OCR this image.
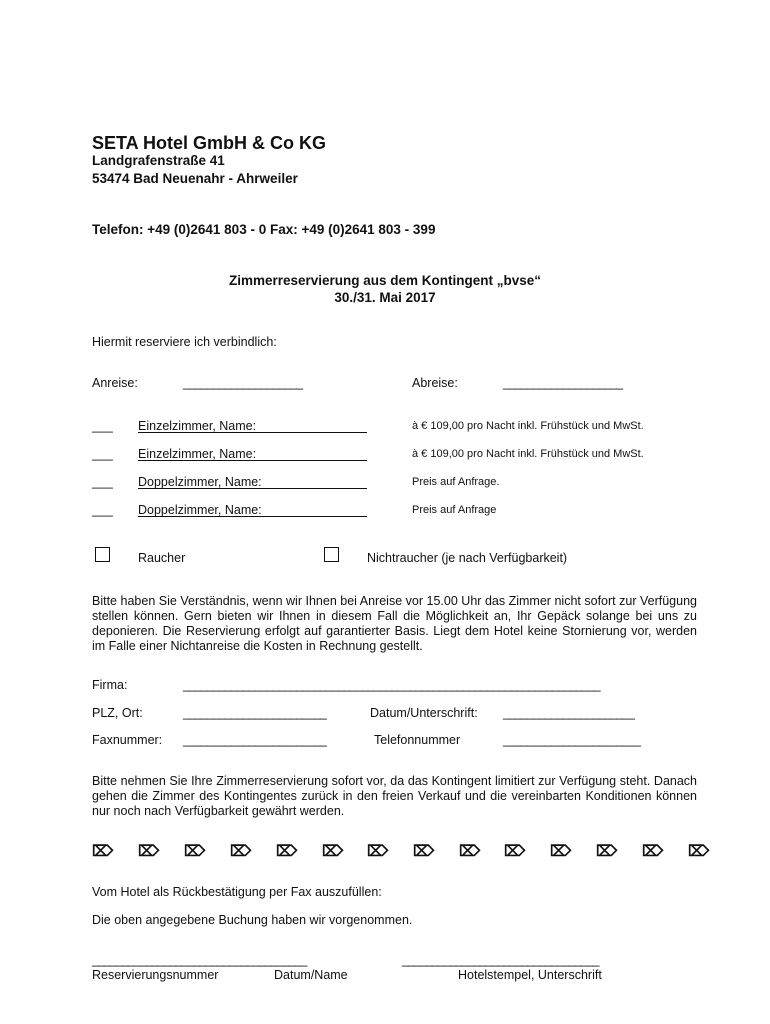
SETA Hotel GmbH & Co KG
Landgrafenstraße 41
53474 Bad Neuenahr - Ahrweiler
Telefon: +49 (0)2641 803 - 0 Fax: +49 (0)2641 803 - 399
Zimmerreservierung aus dem Kontingent „bvse“
30./31. Mai 2017
Hiermit reserviere ich verbindlich:
Anreise:	____________________	Abreise:	____________________
___ Einzelzimmer, Name:	à € 109,00 pro Nacht inkl. Frühstück und MwSt.
___ Einzelzimmer, Name:	à € 109,00 pro Nacht inkl. Frühstück und MwSt.
___ Doppelzimmer, Name:	Preis auf Anfrage.
___ Doppelzimmer, Name:	Preis auf Anfrage
Raucher	Nichtraucher (je nach Verfügbarkeit)
Bitte haben Sie Verständnis, wenn wir Ihnen bei Anreise vor 15.00 Uhr das Zimmer nicht sofort zur Verfügung stellen können. Gern bieten wir Ihnen in diesem Fall die Möglichkeit an, Ihr Gepäck solange bei uns zu deponieren. Die Reservierung erfolgt auf garantierter Basis. Liegt dem Hotel keine Stornierung vor, werden im Falle einer Nichtanreise die Kosten in Rechnung gestellt.
Firma:	______________________________________________________________________
PLZ, Ort:	________________________	Datum/Unterschrift: ______________________
Faxnummer: ________________________	Telefonnummer	_______________________
Bitte nehmen Sie Ihre Zimmerreservierung sofort vor, da das Kontingent limitiert zur Verfügung steht. Danach gehen die Zimmer des Kontingentes zurück in den freien Verkauf und die vereinbarten Konditionen können nur noch nach Verfügbarkeit gewährt werden.
⌦ ⌦ ⌦ ⌦ ⌦ ⌦ ⌦ ⌦ ⌦ ⌦ ⌦ ⌦ ⌦ ⌦
Vom Hotel als Rückbestätigung per Fax auszufüllen:
Die oben angegebene Buchung haben wir vorgenommen.
____________________________________	_________________________________
Reservierungsnummer	Datum/Name	Hotelstempel, Unterschrift
